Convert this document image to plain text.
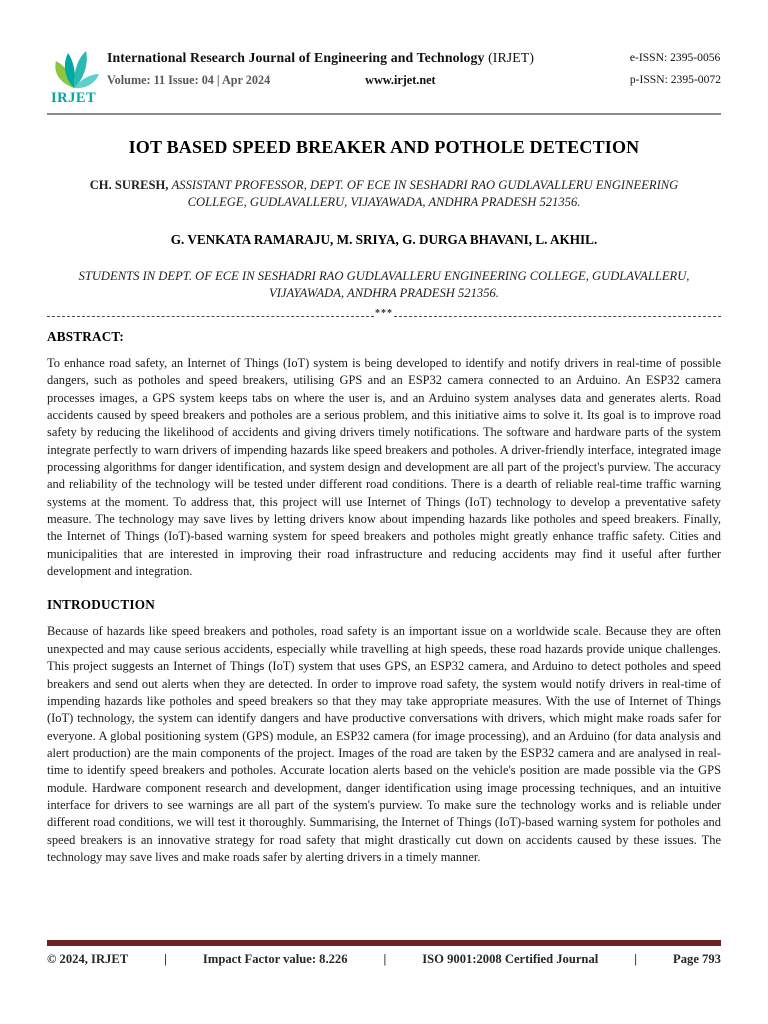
IRJET
International Research Journal of Engineering and Technology (IRJET)
Volume: 11 Issue: 04 | Apr 2024	www.irjet.net
e-ISSN: 2395-0056
p-ISSN: 2395-0072
IOT BASED SPEED BREAKER AND POTHOLE DETECTION
CH. SURESH, ASSISTANT PROFESSOR, DEPT. OF ECE IN SESHADRI RAO GUDLAVALLERU ENGINEERING COLLEGE, GUDLAVALLERU, VIJAYAWADA, ANDHRA PRADESH 521356.
G. VENKATA RAMARAJU, M. SRIYA, G. DURGA BHAVANI, L. AKHIL.
STUDENTS IN DEPT. OF ECE IN SESHADRI RAO GUDLAVALLERU ENGINEERING COLLEGE, GUDLAVALLERU, VIJAYAWADA, ANDHRA PRADESH 521356.
***
ABSTRACT:
To enhance road safety, an Internet of Things (IoT) system is being developed to identify and notify drivers in real-time of possible dangers, such as potholes and speed breakers, utilising GPS and an ESP32 camera connected to an Arduino. An ESP32 camera processes images, a GPS system keeps tabs on where the user is, and an Arduino system analyses data and generates alerts. Road accidents caused by speed breakers and potholes are a serious problem, and this initiative aims to solve it. Its goal is to improve road safety by reducing the likelihood of accidents and giving drivers timely notifications. The software and hardware parts of the system integrate perfectly to warn drivers of impending hazards like speed breakers and potholes. A driver-friendly interface, integrated image processing algorithms for danger identification, and system design and development are all part of the project's purview. The accuracy and reliability of the technology will be tested under different road conditions. There is a dearth of reliable real-time traffic warning systems at the moment. To address that, this project will use Internet of Things (IoT) technology to develop a preventative safety measure. The technology may save lives by letting drivers know about impending hazards like potholes and speed breakers. Finally, the Internet of Things (IoT)-based warning system for speed breakers and potholes might greatly enhance traffic safety. Cities and municipalities that are interested in improving their road infrastructure and reducing accidents may find it useful after further development and integration.
INTRODUCTION
Because of hazards like speed breakers and potholes, road safety is an important issue on a worldwide scale. Because they are often unexpected and may cause serious accidents, especially while travelling at high speeds, these road hazards provide unique challenges. This project suggests an Internet of Things (IoT) system that uses GPS, an ESP32 camera, and Arduino to detect potholes and speed breakers and send out alerts when they are detected. In order to improve road safety, the system would notify drivers in real-time of impending hazards like potholes and speed breakers so that they may take appropriate measures. With the use of Internet of Things (IoT) technology, the system can identify dangers and have productive conversations with drivers, which might make roads safer for everyone. A global positioning system (GPS) module, an ESP32 camera (for image processing), and an Arduino (for data analysis and alert production) are the main components of the project. Images of the road are taken by the ESP32 camera and are analysed in real-time to identify speed breakers and potholes. Accurate location alerts based on the vehicle's position are made possible via the GPS module. Hardware component research and development, danger identification using image processing techniques, and an intuitive interface for drivers to see warnings are all part of the system's purview. To make sure the technology works and is reliable under different road conditions, we will test it thoroughly. Summarising, the Internet of Things (IoT)-based warning system for potholes and speed breakers is an innovative strategy for road safety that might drastically cut down on accidents caused by these issues. The technology may save lives and make roads safer by alerting drivers in a timely manner.
© 2024, IRJET	|	Impact Factor value: 8.226	|	ISO 9001:2008 Certified Journal	|	Page 793
